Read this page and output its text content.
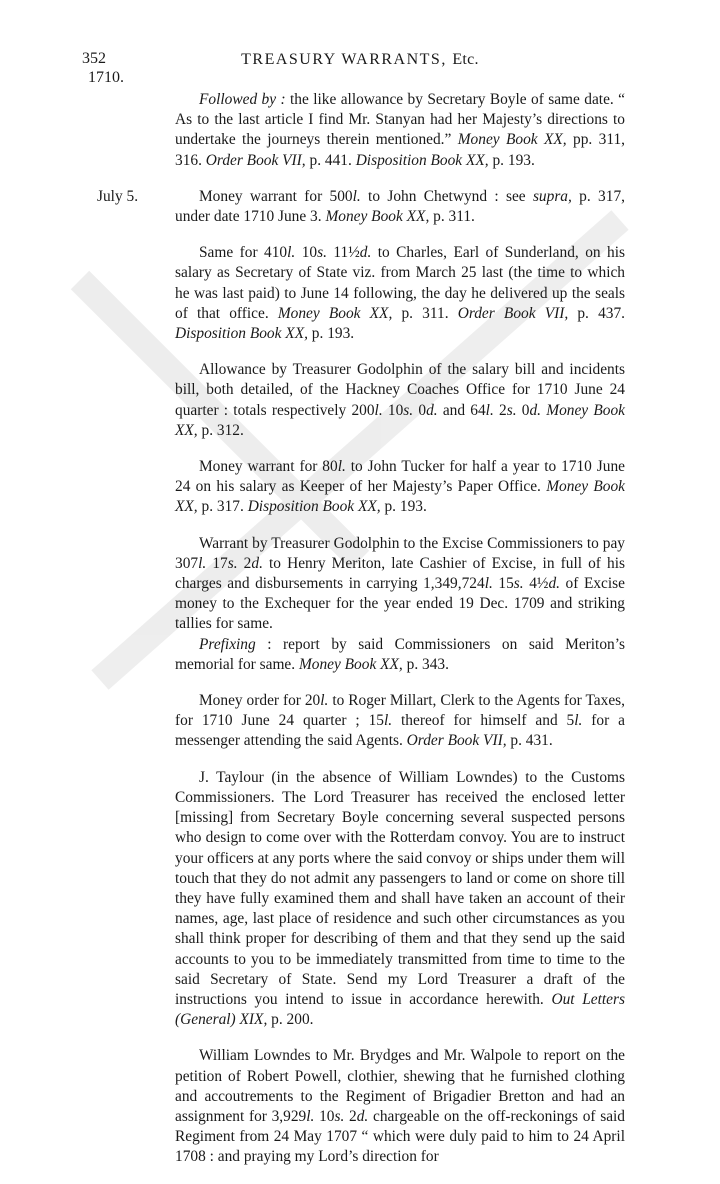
352
1710.
TREASURY WARRANTS, Etc.

Followed by : the like allowance by Secretary Boyle of same date. “ As to the last article I find Mr. Stanyan had her Majesty’s directions to undertake the journeys therein mentioned.” Money Book XX, pp. 311, 316. Order Book VII, p. 441. Disposition Book XX, p. 193.

July 5.	Money warrant for 500l. to John Chetwynd : see supra, p. 317, under date 1710 June 3. Money Book XX, p. 311.

Same for 410l. 10s. 11½d. to Charles, Earl of Sunderland, on his salary as Secretary of State viz. from March 25 last (the time to which he was last paid) to June 14 following, the day he delivered up the seals of that office. Money Book XX, p. 311. Order Book VII, p. 437. Disposition Book XX, p. 193.

Allowance by Treasurer Godolphin of the salary bill and incidents bill, both detailed, of the Hackney Coaches Office for 1710 June 24 quarter : totals respectively 200l. 10s. 0d. and 64l. 2s. 0d. Money Book XX, p. 312.

Money warrant for 80l. to John Tucker for half a year to 1710 June 24 on his salary as Keeper of her Majesty’s Paper Office. Money Book XX, p. 317. Disposition Book XX, p. 193.

Warrant by Treasurer Godolphin to the Excise Commissioners to pay 307l. 17s. 2d. to Henry Meriton, late Cashier of Excise, in full of his charges and disbursements in carrying 1,349,724l. 15s. 4½d. of Excise money to the Exchequer for the year ended 19 Dec. 1709 and striking tallies for same.

Prefixing : report by said Commissioners on said Meriton’s memorial for same. Money Book XX, p. 343.

Money order for 20l. to Roger Millart, Clerk to the Agents for Taxes, for 1710 June 24 quarter ; 15l. thereof for himself and 5l. for a messenger attending the said Agents. Order Book VII, p. 431.

J. Taylour (in the absence of William Lowndes) to the Customs Commissioners. The Lord Treasurer has received the enclosed letter [missing] from Secretary Boyle concerning several suspected persons who design to come over with the Rotterdam convoy. You are to instruct your officers at any ports where the said convoy or ships under them will touch that they do not admit any passengers to land or come on shore till they have fully examined them and shall have taken an account of their names, age, last place of residence and such other circumstances as you shall think proper for describing of them and that they send up the said accounts to you to be immediately transmitted from time to time to the said Secretary of State. Send my Lord Treasurer a draft of the instructions you intend to issue in accordance herewith. Out Letters (General) XIX, p. 200.

William Lowndes to Mr. Brydges and Mr. Walpole to report on the petition of Robert Powell, clothier, shewing that he furnished clothing and accoutrements to the Regiment of Brigadier Bretton and had an assignment for 3,929l. 10s. 2d. chargeable on the off-reckonings of said Regiment from 24 May 1707 “ which were duly paid to him to 24 April 1708 : and praying my Lord’s direction for
